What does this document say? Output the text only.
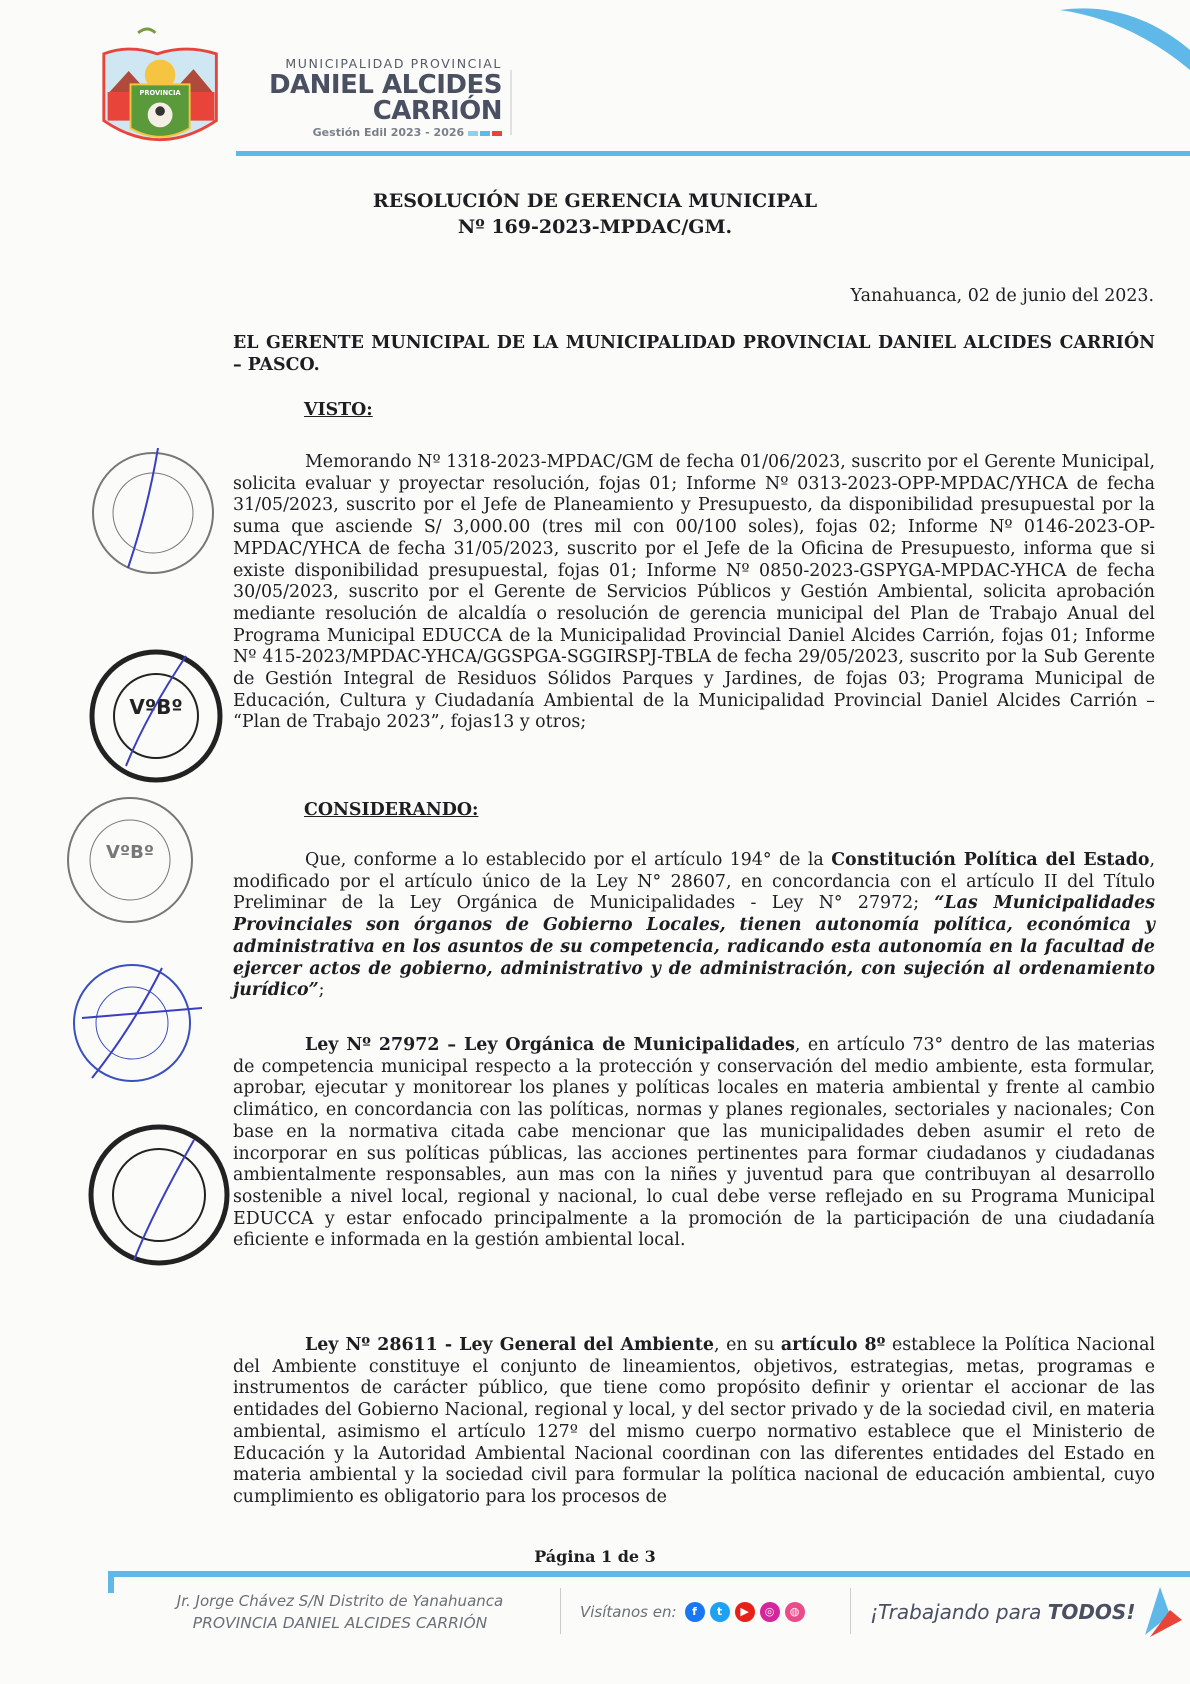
PROVINCIA
MUNICIPALIDAD PROVINCIAL
DANIEL ALCIDES
CARRIÓN
Gestión Edil 2023 - 2026
RESOLUCIÓN DE GERENCIA MUNICIPAL
Nº 169-2023-MPDAC/GM.
Yanahuanca, 02 de junio del 2023.
EL GERENTE MUNICIPAL DE LA MUNICIPALIDAD PROVINCIAL DANIEL ALCIDES CARRIÓN – PASCO.
VISTO:

Memorando Nº 1318-2023-MPDAC/GM de fecha 01/06/2023, suscrito por el Gerente Municipal, solicita evaluar y proyectar resolución, fojas 01; Informe Nº 0313-2023-OPP-MPDAC/YHCA de fecha 31/05/2023, suscrito por el Jefe de Planeamiento y Presupuesto, da disponibilidad presupuestal por la suma que asciende S/ 3,000.00 (tres mil con 00/100 soles), fojas 02; Informe Nº 0146-2023-OP-MPDAC/YHCA de fecha 31/05/2023, suscrito por el Jefe de la Oficina de Presupuesto, informa que si existe disponibilidad presupuestal, fojas 01; Informe Nº 0850-2023-GSPYGA-MPDAC-YHCA de fecha 30/05/2023, suscrito por el Gerente de Servicios Públicos y Gestión Ambiental, solicita aprobación mediante resolución de alcaldía o resolución de gerencia municipal del Plan de Trabajo Anual del Programa Municipal EDUCCA de la Municipalidad Provincial Daniel Alcides Carrión, fojas 01; Informe Nº 415-2023/MPDAC-YHCA/GGSPGA-SGGIRSPJ-TBLA de fecha 29/05/2023, suscrito por la Sub Gerente de Gestión Integral de Residuos Sólidos Parques y Jardines, de fojas 03; Programa Municipal de Educación, Cultura y Ciudadanía Ambiental de la Municipalidad Provincial Daniel Alcides Carrión – “Plan de Trabajo 2023”, fojas13 y otros;

CONSIDERANDO:

Que, conforme a lo establecido por el artículo 194° de la Constitución Política del Estado, modificado por el artículo único de la Ley N° 28607, en concordancia con el artículo II del Título Preliminar de la Ley Orgánica de Municipalidades - Ley N° 27972; “Las Municipalidades Provinciales son órganos de Gobierno Locales, tienen autonomía política, económica y administrativa en los asuntos de su competencia, radicando esta autonomía en la facultad de ejercer actos de gobierno, administrativo y de administración, con sujeción al ordenamiento jurídico”;

Ley Nº 27972 – Ley Orgánica de Municipalidades, en artículo 73° dentro de las materias de competencia municipal respecto a la protección y conservación del medio ambiente, esta formular, aprobar, ejecutar y monitorear los planes y políticas locales en materia ambiental y frente al cambio climático, en concordancia con las políticas, normas y planes regionales, sectoriales y nacionales; Con base en la normativa citada cabe mencionar que las municipalidades deben asumir el reto de incorporar en sus políticas públicas, las acciones pertinentes para formar ciudadanos y ciudadanas ambientalmente responsables, aun mas con la niñes y juventud para que contribuyan al desarrollo sostenible a nivel local, regional y nacional, lo cual debe verse reflejado en su Programa Municipal EDUCCA y estar enfocado principalmente a la promoción de la participación de una ciudadanía eficiente e informada en la gestión ambiental local.

Ley Nº 28611 - Ley General del Ambiente, en su artículo 8º establece la Política Nacional del Ambiente constituye el conjunto de lineamientos, objetivos, estrategias, metas, programas e instrumentos de carácter público, que tiene como propósito definir y orientar el accionar de las entidades del Gobierno Nacional, regional y local, y del sector privado y de la sociedad civil, en materia ambiental, asimismo el artículo 127º del mismo cuerpo normativo establece que el Ministerio de Educación y la Autoridad Ambiental Nacional coordinan con las diferentes entidades del Estado en materia ambiental y la sociedad civil para formular la política nacional de educación ambiental, cuyo cumplimiento es obligatorio para los procesos de

VºBº
VºBº
Página 1 de 3
Jr. Jorge Chávez S/N Distrito de Yanahuanca
PROVINCIA DANIEL ALCIDES CARRIÓN
Visítanos en:	f	t	▶	◎	◍	¡Trabajando para TODOS!
